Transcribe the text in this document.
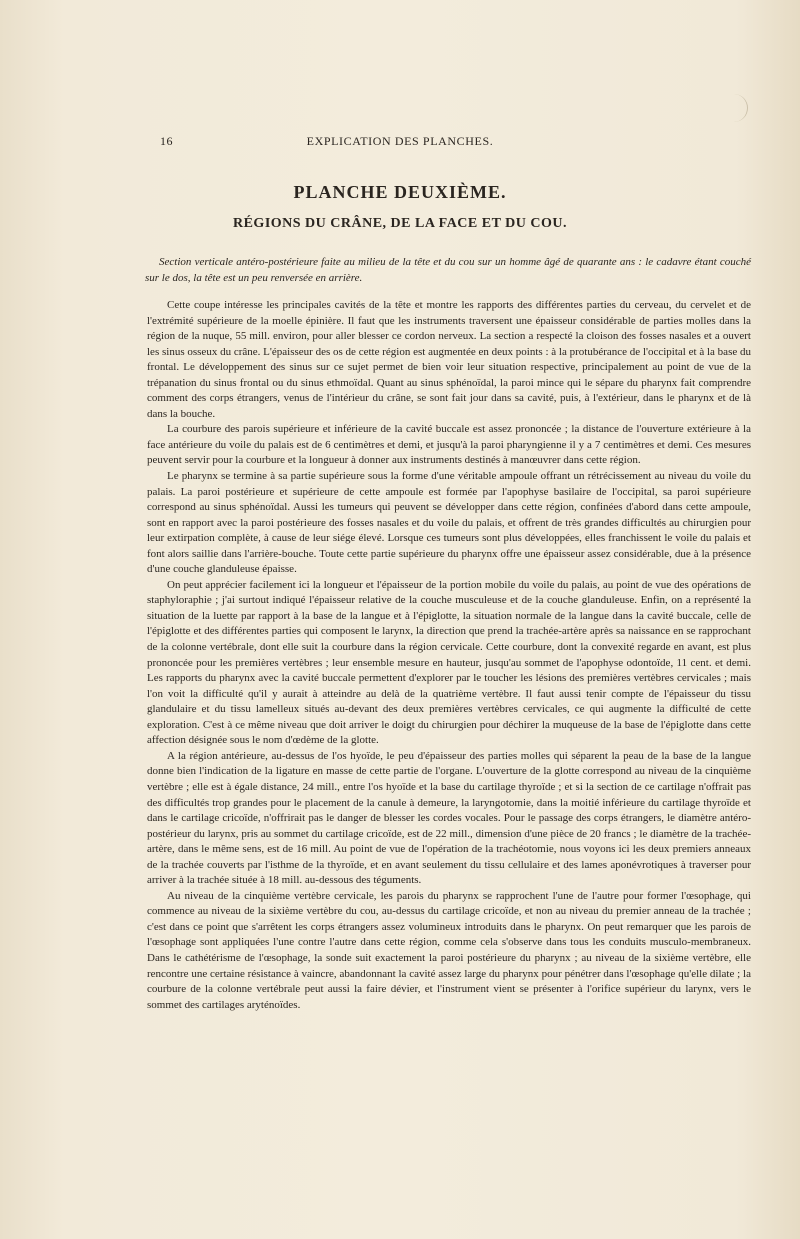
16	EXPLICATION DES PLANCHES.
PLANCHE DEUXIÈME.
RÉGIONS DU CRÂNE, DE LA FACE ET DU COU.
Section verticale antéro-postérieure faite au milieu de la tête et du cou sur un homme âgé de quarante ans : le cadavre étant couché sur le dos, la tête est un peu renversée en arrière.

Cette coupe intéresse les principales cavités de la tête et montre les rapports des différentes parties du cerveau, du cervelet et de l'extrémité supérieure de la moelle épinière. Il faut que les instruments traversent une épaisseur considérable de parties molles dans la région de la nuque, 55 mill. environ, pour aller blesser ce cordon nerveux. La section a respecté la cloison des fosses nasales et a ouvert les sinus osseux du crâne. L'épaisseur des os de cette région est augmentée en deux points : à la protubérance de l'occipital et à la base du frontal. Le développement des sinus sur ce sujet permet de bien voir leur situation respective, principalement au point de vue de la trépanation du sinus frontal ou du sinus ethmoïdal. Quant au sinus sphénoïdal, la paroi mince qui le sépare du pharynx fait comprendre comment des corps étrangers, venus de l'intérieur du crâne, se sont fait jour dans sa cavité, puis, à l'extérieur, dans le pharynx et de là dans la bouche.

La courbure des parois supérieure et inférieure de la cavité buccale est assez prononcée ; la distance de l'ouverture extérieure à la face antérieure du voile du palais est de 6 centimètres et demi, et jusqu'à la paroi pharyngienne il y a 7 centimètres et demi. Ces mesures peuvent servir pour la courbure et la longueur à donner aux instruments destinés à manœuvrer dans cette région.

Le pharynx se termine à sa partie supérieure sous la forme d'une véritable ampoule offrant un rétrécissement au niveau du voile du palais. La paroi postérieure et supérieure de cette ampoule est formée par l'apophyse basilaire de l'occipital, sa paroi supérieure correspond au sinus sphénoïdal. Aussi les tumeurs qui peuvent se développer dans cette région, confinées d'abord dans cette ampoule, sont en rapport avec la paroi postérieure des fosses nasales et du voile du palais, et offrent de très grandes difficultés au chirurgien pour leur extirpation complète, à cause de leur siége élevé. Lorsque ces tumeurs sont plus développées, elles franchissent le voile du palais et font alors saillie dans l'arrière-bouche. Toute cette partie supérieure du pharynx offre une épaisseur assez considérable, due à la présence d'une couche glanduleuse épaisse.

On peut apprécier facilement ici la longueur et l'épaisseur de la portion mobile du voile du palais, au point de vue des opérations de staphyloraphie ; j'ai surtout indiqué l'épaisseur relative de la couche musculeuse et de la couche glanduleuse. Enfin, on a représenté la situation de la luette par rapport à la base de la langue et à l'épiglotte, la situation normale de la langue dans la cavité buccale, celle de l'épiglotte et des différentes parties qui composent le larynx, la direction que prend la trachée-artère après sa naissance en se rapprochant de la colonne vertébrale, dont elle suit la courbure dans la région cervicale. Cette courbure, dont la convexité regarde en avant, est plus prononcée pour les premières vertèbres ; leur ensemble mesure en hauteur, jusqu'au sommet de l'apophyse odontoïde, 11 cent. et demi. Les rapports du pharynx avec la cavité buccale permettent d'explorer par le toucher les lésions des premières vertèbres cervicales ; mais l'on voit la difficulté qu'il y aurait à atteindre au delà de la quatrième vertèbre. Il faut aussi tenir compte de l'épaisseur du tissu glandulaire et du tissu lamelleux situés au-devant des deux premières vertèbres cervicales, ce qui augmente la difficulté de cette exploration. C'est à ce même niveau que doit arriver le doigt du chirurgien pour déchirer la muqueuse de la base de l'épiglotte dans cette affection désignée sous le nom d'œdème de la glotte.

A la région antérieure, au-dessus de l'os hyoïde, le peu d'épaisseur des parties molles qui séparent la peau de la base de la langue donne bien l'indication de la ligature en masse de cette partie de l'organe. L'ouverture de la glotte correspond au niveau de la cinquième vertèbre ; elle est à égale distance, 24 mill., entre l'os hyoïde et la base du cartilage thyroïde ; et si la section de ce cartilage n'offrait pas des difficultés trop grandes pour le placement de la canule à demeure, la laryngotomie, dans la moitié inférieure du cartilage thyroïde et dans le cartilage cricoïde, n'offrirait pas le danger de blesser les cordes vocales. Pour le passage des corps étrangers, le diamètre antéro-postérieur du larynx, pris au sommet du cartilage cricoïde, est de 22 mill., dimension d'une pièce de 20 francs ; le diamètre de la trachée-artère, dans le même sens, est de 16 mill. Au point de vue de l'opération de la trachéotomie, nous voyons ici les deux premiers anneaux de la trachée couverts par l'isthme de la thyroïde, et en avant seulement du tissu cellulaire et des lames aponévrotiques à traverser pour arriver à la trachée située à 18 mill. au-dessous des téguments.

Au niveau de la cinquième vertèbre cervicale, les parois du pharynx se rapprochent l'une de l'autre pour former l'œsophage, qui commence au niveau de la sixième vertèbre du cou, au-dessus du cartilage cricoïde, et non au niveau du premier anneau de la trachée ; c'est dans ce point que s'arrêtent les corps étrangers assez volumineux introduits dans le pharynx. On peut remarquer que les parois de l'œsophage sont appliquées l'une contre l'autre dans cette région, comme cela s'observe dans tous les conduits musculo-membraneux. Dans le cathétérisme de l'œsophage, la sonde suit exactement la paroi postérieure du pharynx ; au niveau de la sixième vertèbre, elle rencontre une certaine résistance à vaincre, abandonnant la cavité assez large du pharynx pour pénétrer dans l'œsophage qu'elle dilate ; la courbure de la colonne vertébrale peut aussi la faire dévier, et l'instrument vient se présenter à l'orifice supérieur du larynx, vers le sommet des cartilages aryténoïdes.
